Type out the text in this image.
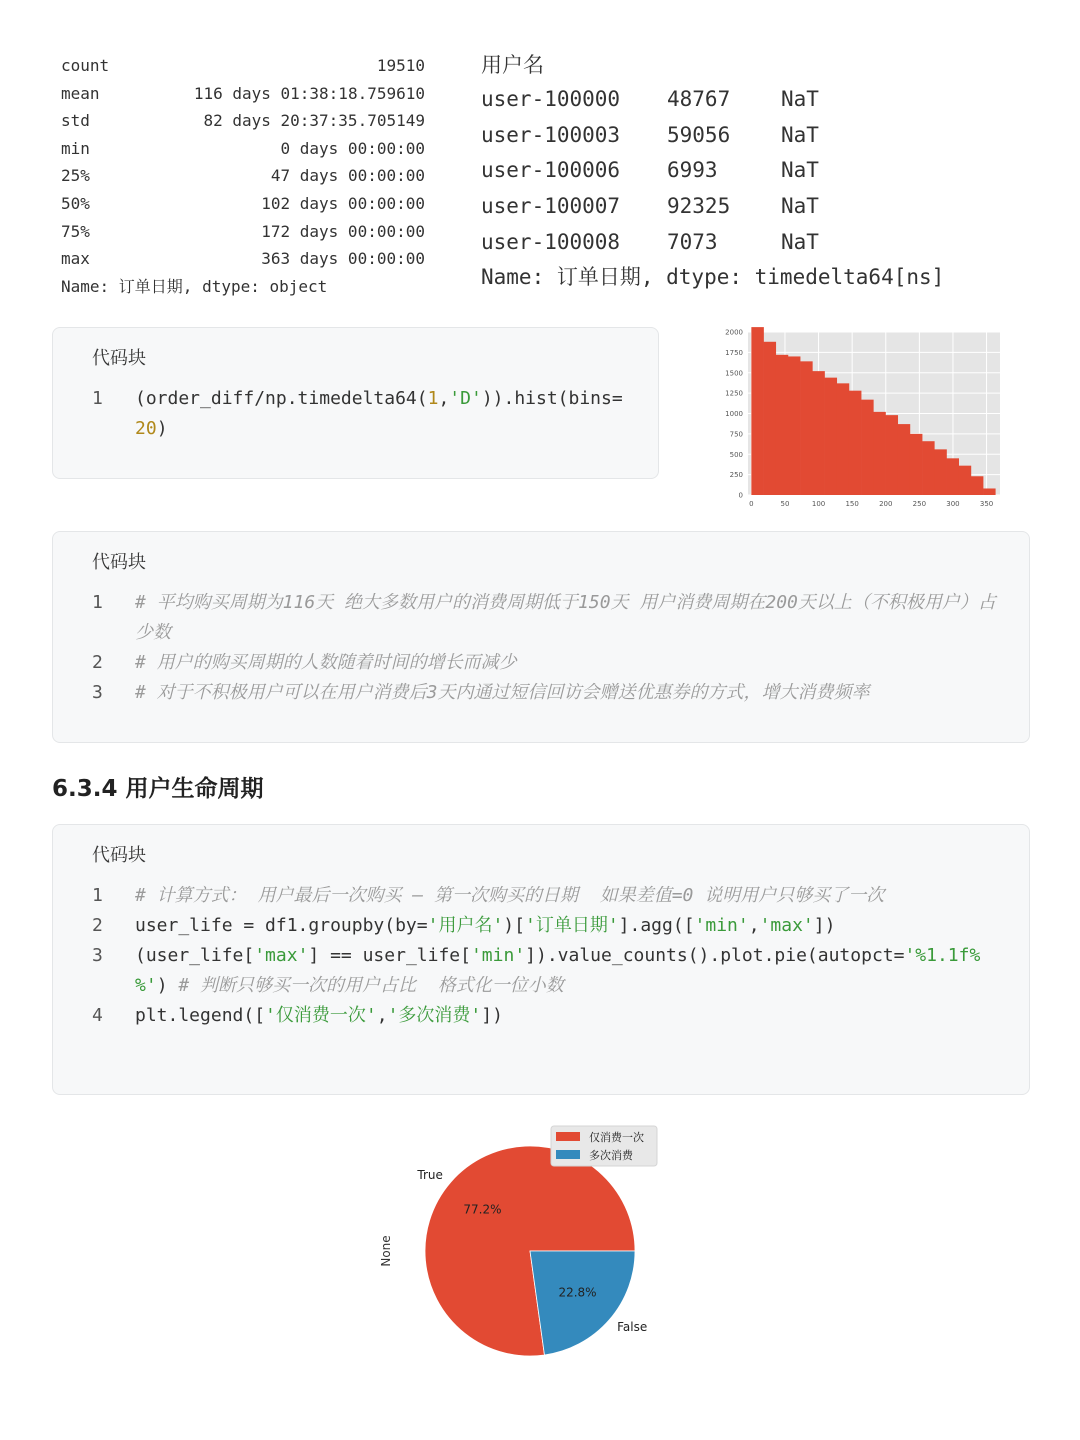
count	19510
mean	116 days 01:38:18.759610
std	82 days 20:37:35.705149
min	0 days 00:00:00
25%	47 days 00:00:00
50%	102 days 00:00:00
75%	172 days 00:00:00
max	363 days 00:00:00
Name: 订单日期, dtype: object
用户名
user-100000 48767 NaT
user-100003 59056 NaT
user-100006 6993	NaT
user-100007 92325 NaT
user-100008 7073	NaT
Name: 订单日期, dtype: timedelta64[ns]
代码块
1	(order_diff/np.timedelta64(1,'D')).hist(bins=20)
0	50	100	150	200	250	300	350
0
250
500
750
1000
1250
1500
1750
2000
代码块
1	# 平均购买周期为116天 绝大多数用户的消费周期低于150天 用户消费周期在200天以上（不积极用户）占少数
2	# 用户的购买周期的人数随着时间的增长而减少
3	# 对于不积极用户可以在用户消费后3天内通过短信回访会赠送优惠券的方式，增大消费频率
6.3.4 用户生命周期
代码块
1	# 计算方式： 用户最后一次购买 – 第一次购买的日期  如果差值=0 说明用户只够买了一次
2	user_life = df1.groupby(by='用户名')['订单日期'].agg(['min','max'])
3	(user_life['max'] == user_life['min']).value_counts().plot.pie(autopct='%1.1f%%') # 判断只够买一次的用户占比  格式化一位小数
4	plt.legend(['仅消费一次','多次消费'])
77.2%
True
22.8%
False
None
仅消费一次
多次消费
